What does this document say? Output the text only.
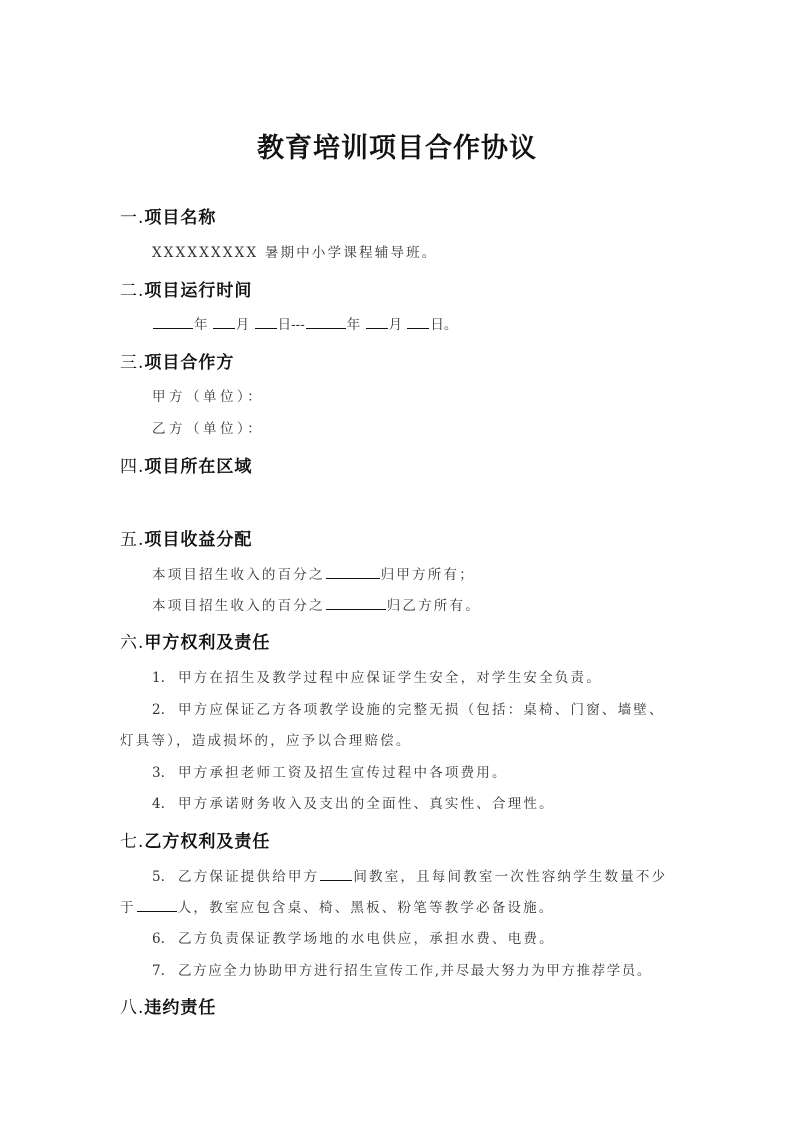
教育培训项目合作协议
一.项目名称
XXXXXXXXX 暑期中小学课程辅导班。
二.项目运行时间
年 月 日---	年 月 日。
三.项目合作方
甲方（单位）：
乙方（单位）：
四.项目所在区域
五.项目收益分配
本项目招生收入的百分之	归甲方所有；
本项目招生收入的百分之	归乙方所有。
六.甲方权利及责任
1. 甲方在招生及教学过程中应保证学生安全，对学生安全负责。
2. 甲方应保证乙方各项教学设施的完整无损（包括：桌椅、门窗、墙壁、
灯具等），造成损坏的，应予以合理赔偿。
3. 甲方承担老师工资及招生宣传过程中各项费用。
4. 甲方承诺财务收入及支出的全面性、真实性、合理性。
七.乙方权利及责任
5. 乙方保证提供给甲方	间教室，且每间教室一次性容纳学生数量不少
于	人，教室应包含桌、椅、黑板、粉笔等教学必备设施。
6. 乙方负责保证教学场地的水电供应，承担水费、电费。
7. 乙方应全力协助甲方进行招生宣传工作,并尽最大努力为甲方推荐学员。
八.违约责任
